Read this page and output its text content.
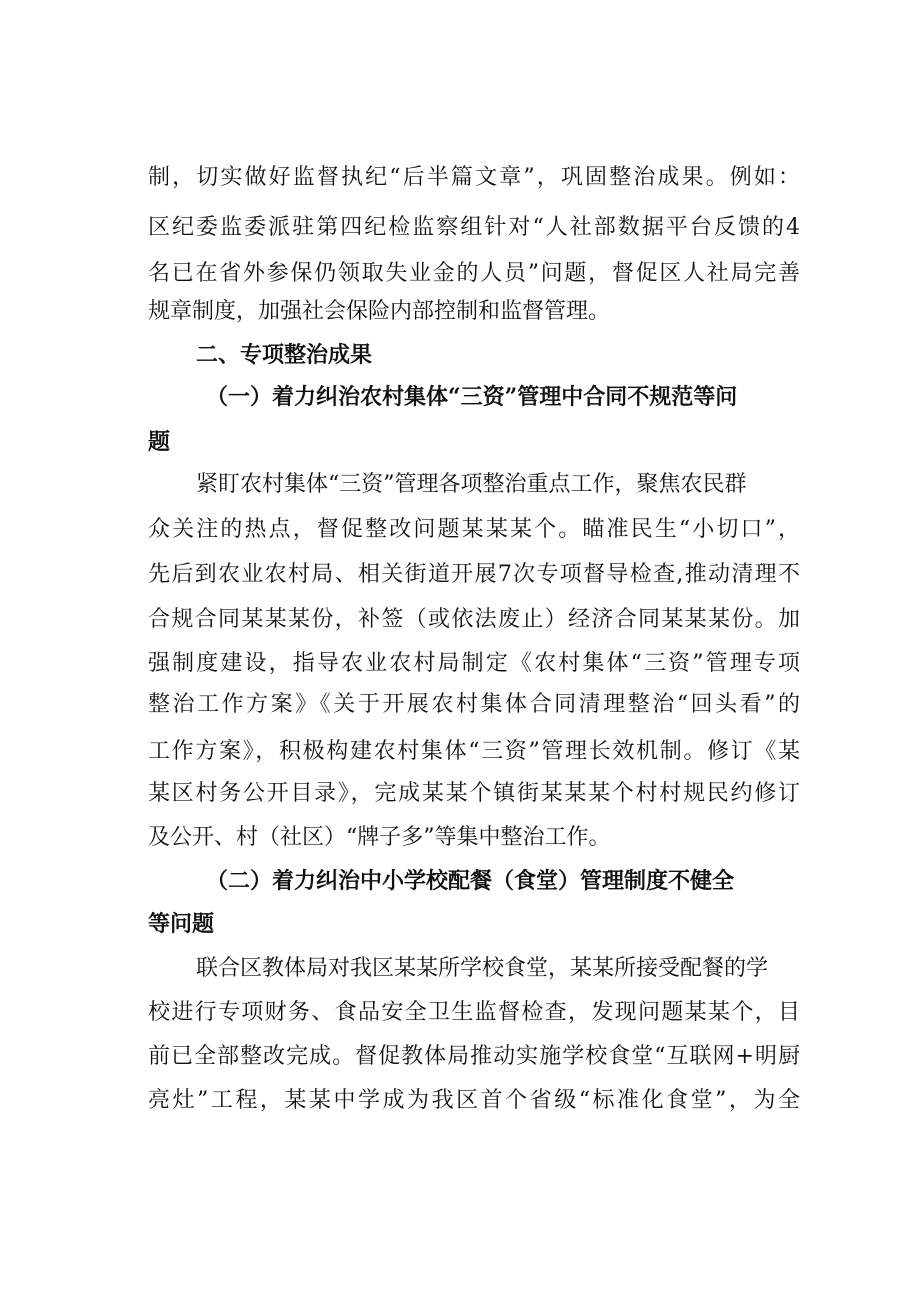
制，切实做好监督执纪“后半篇文章”，巩固整治成果。例如：
区纪委监委派驻第四纪检监察组针对“人社部数据平台反馈的4
名已在省外参保仍领取失业金的人员”问题，督促区人社局完善
规章制度，加强社会保险内部控制和监督管理。
二、专项整治成果
（一）着力纠治农村集体“三资”管理中合同不规范等问
题
紧盯农村集体“三资”管理各项整治重点工作，聚焦农民群
众关注的热点，督促整改问题某某某个。瞄准民生“小切口”，
先后到农业农村局、相关街道开展7次专项督导检查,推动清理不
合规合同某某某份，补签（或依法废止）经济合同某某某份。加
强制度建设，指导农业农村局制定《农村集体“三资”管理专项
整治工作方案》《关于开展农村集体合同清理整治“回头看”的
工作方案》，积极构建农村集体“三资”管理长效机制。修订《某
某区村务公开目录》，完成某某个镇街某某某个村村规民约修订
及公开、村（社区）“牌子多”等集中整治工作。
（二）着力纠治中小学校配餐（食堂）管理制度不健全
等问题
联合区教体局对我区某某所学校食堂，某某所接受配餐的学
校进行专项财务、食品安全卫生监督检查，发现问题某某个，目
前已全部整改完成。督促教体局推动实施学校食堂“互联网+明厨
亮灶”工程，某某中学成为我区首个省级“标准化食堂”，为全
